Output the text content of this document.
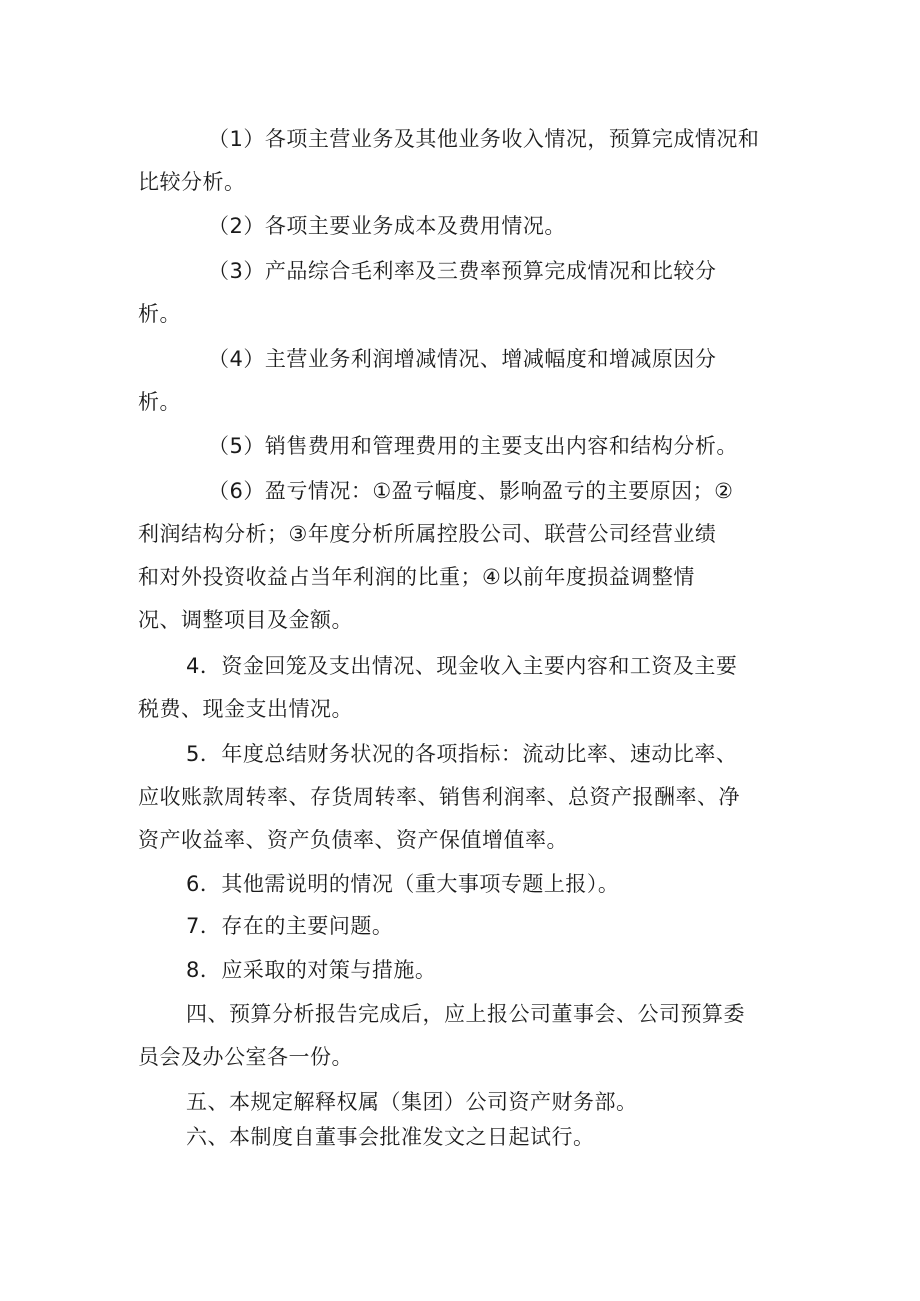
（1）各项主营业务及其他业务收入情况，预算完成情况和
比较分析。
（2）各项主要业务成本及费用情况。
（3）产品综合毛利率及三费率预算完成情况和比较分
析。
（4）主营业务利润增减情况、增减幅度和增减原因分
析。
（5）销售费用和管理费用的主要支出内容和结构分析。
（6）盈亏情况：①盈亏幅度、影响盈亏的主要原因；②
利润结构分析；③年度分析所属控股公司、联营公司经营业绩
和对外投资收益占当年利润的比重；④以前年度损益调整情
况、调整项目及金额。
4．资金回笼及支出情况、现金收入主要内容和工资及主要
税费、现金支出情况。
5．年度总结财务状况的各项指标：流动比率、速动比率、
应收账款周转率、存货周转率、销售利润率、总资产报酬率、净
资产收益率、资产负债率、资产保值增值率。
6．其他需说明的情况（重大事项专题上报）。
7．存在的主要问题。
8．应采取的对策与措施。
四、预算分析报告完成后，应上报公司董事会、公司预算委
员会及办公室各一份。
五、本规定解释权属（集团）公司资产财务部。
六、本制度自董事会批准发文之日起试行。
